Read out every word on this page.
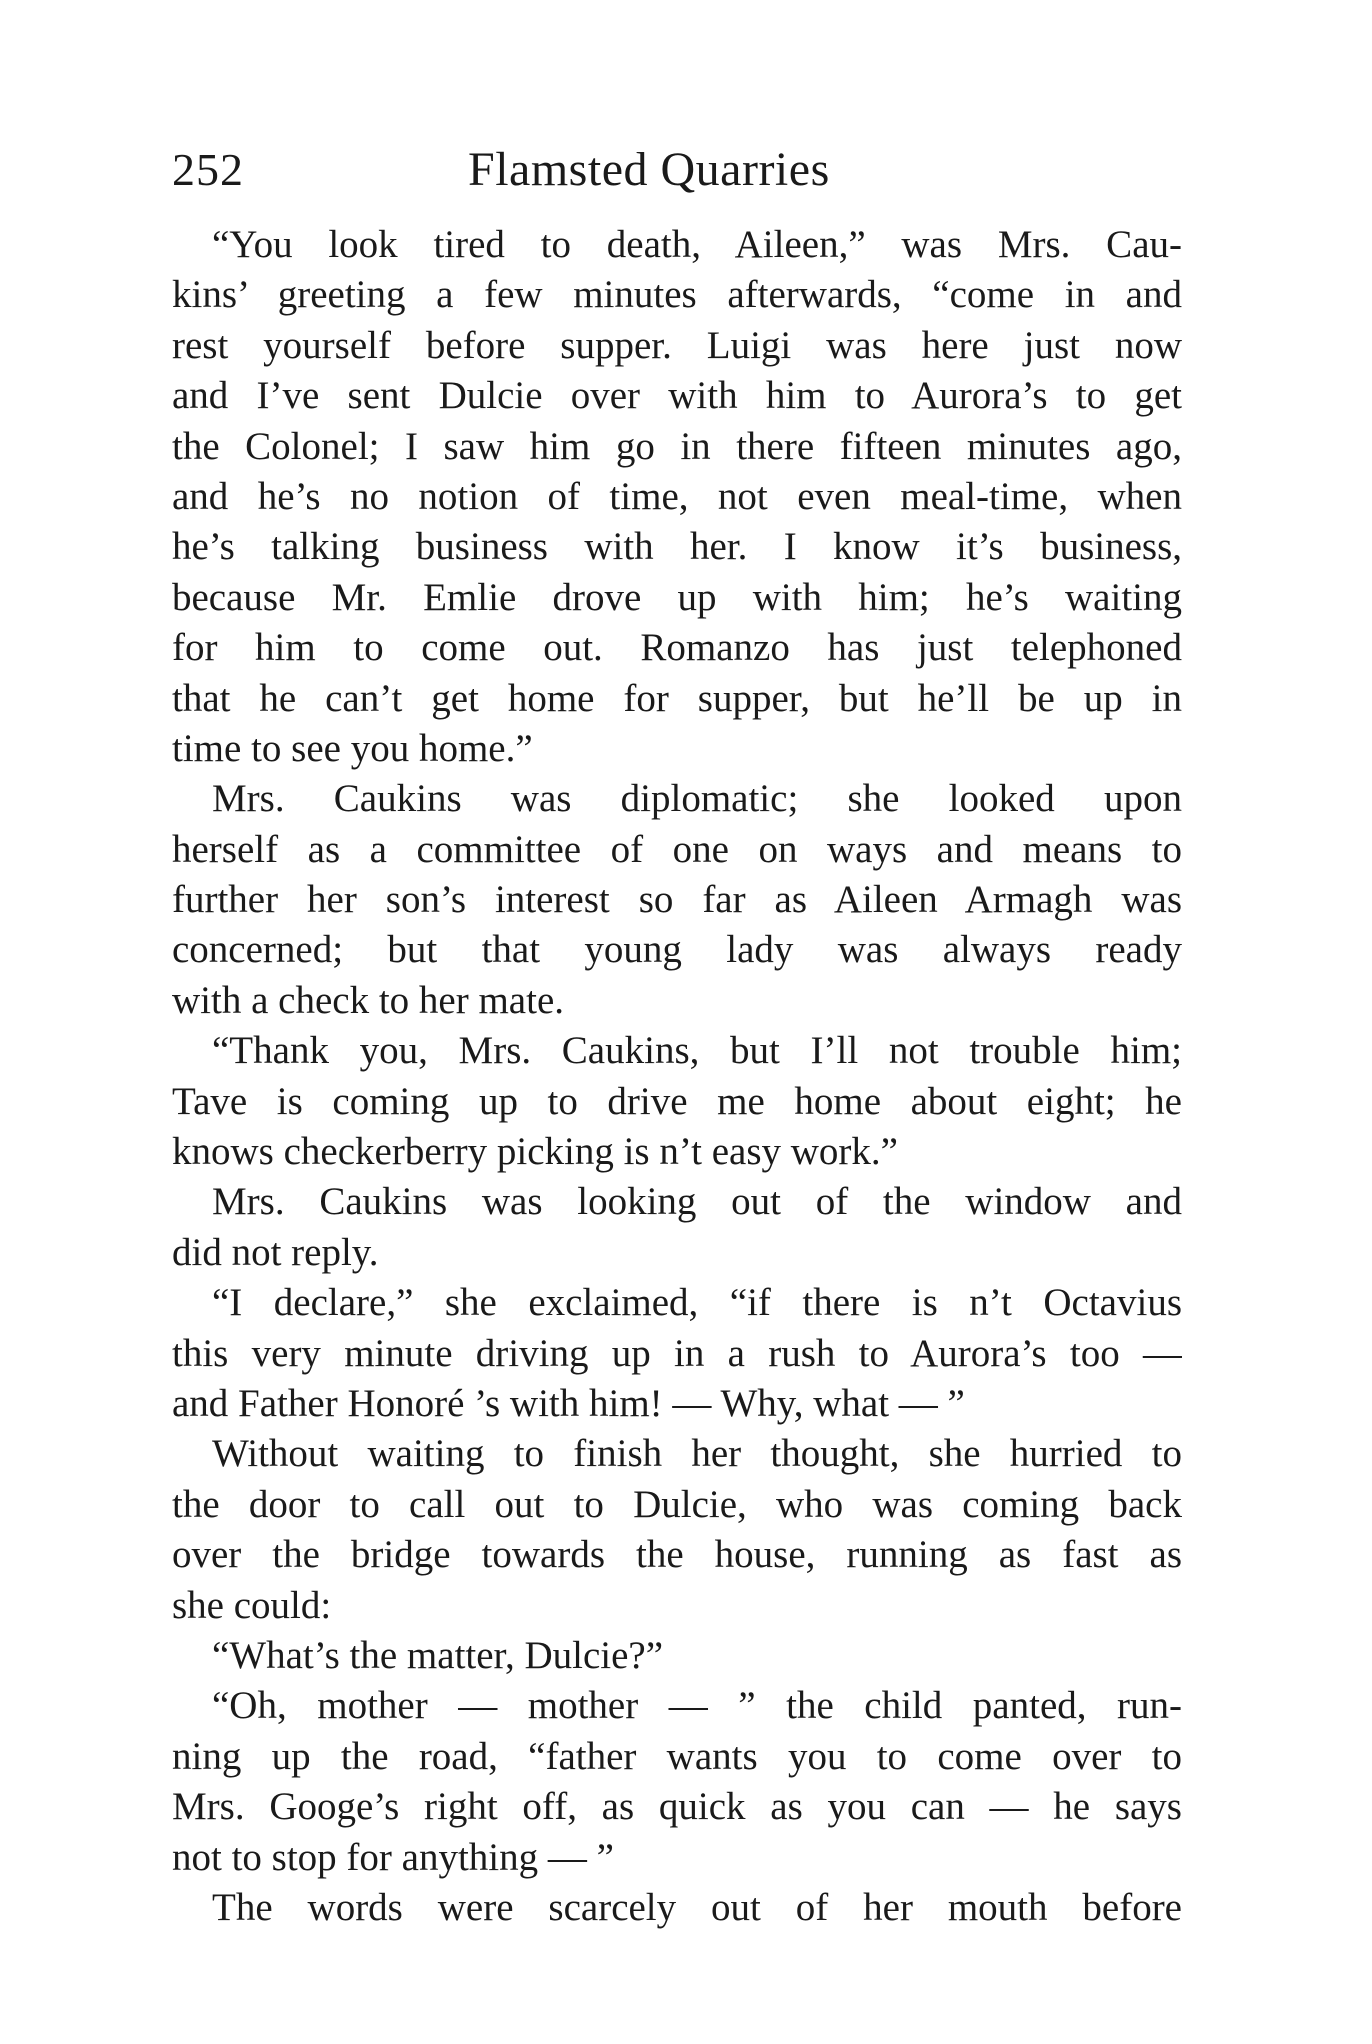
252	Flamsted Quarries
“You look tired to death, Aileen,” was Mrs. Cau-
kins’ greeting a few minutes afterwards, “come in and
rest yourself before supper. Luigi was here just now
and I’ve sent Dulcie over with him to Aurora’s to get
the Colonel; I saw him go in there fifteen minutes ago,
and he’s no notion of time, not even meal-time, when
he’s talking business with her. I know it’s business,
because Mr. Emlie drove up with him; he’s waiting
for him to come out. Romanzo has just telephoned
that he can’t get home for supper, but he’ll be up in
time to see you home.”
Mrs. Caukins was diplomatic; she looked upon
herself as a committee of one on ways and means to
further her son’s interest so far as Aileen Armagh was
concerned; but that young lady was always ready
with a check to her mate.
“Thank you, Mrs. Caukins, but I’ll not trouble him;
Tave is coming up to drive me home about eight; he
knows checkerberry picking is n’t easy work.”
Mrs. Caukins was looking out of the window and
did not reply.
“I declare,” she exclaimed, “if there is n’t Octavius
this very minute driving up in a rush to Aurora’s too —
and Father Honoré ’s with him! — Why, what — ”
Without waiting to finish her thought, she hurried to
the door to call out to Dulcie, who was coming back
over the bridge towards the house, running as fast as
she could:
“What’s the matter, Dulcie?”
“Oh, mother — mother — ” the child panted, run-
ning up the road, “father wants you to come over to
Mrs. Googe’s right off, as quick as you can — he says
not to stop for anything — ”
The words were scarcely out of her mouth before
